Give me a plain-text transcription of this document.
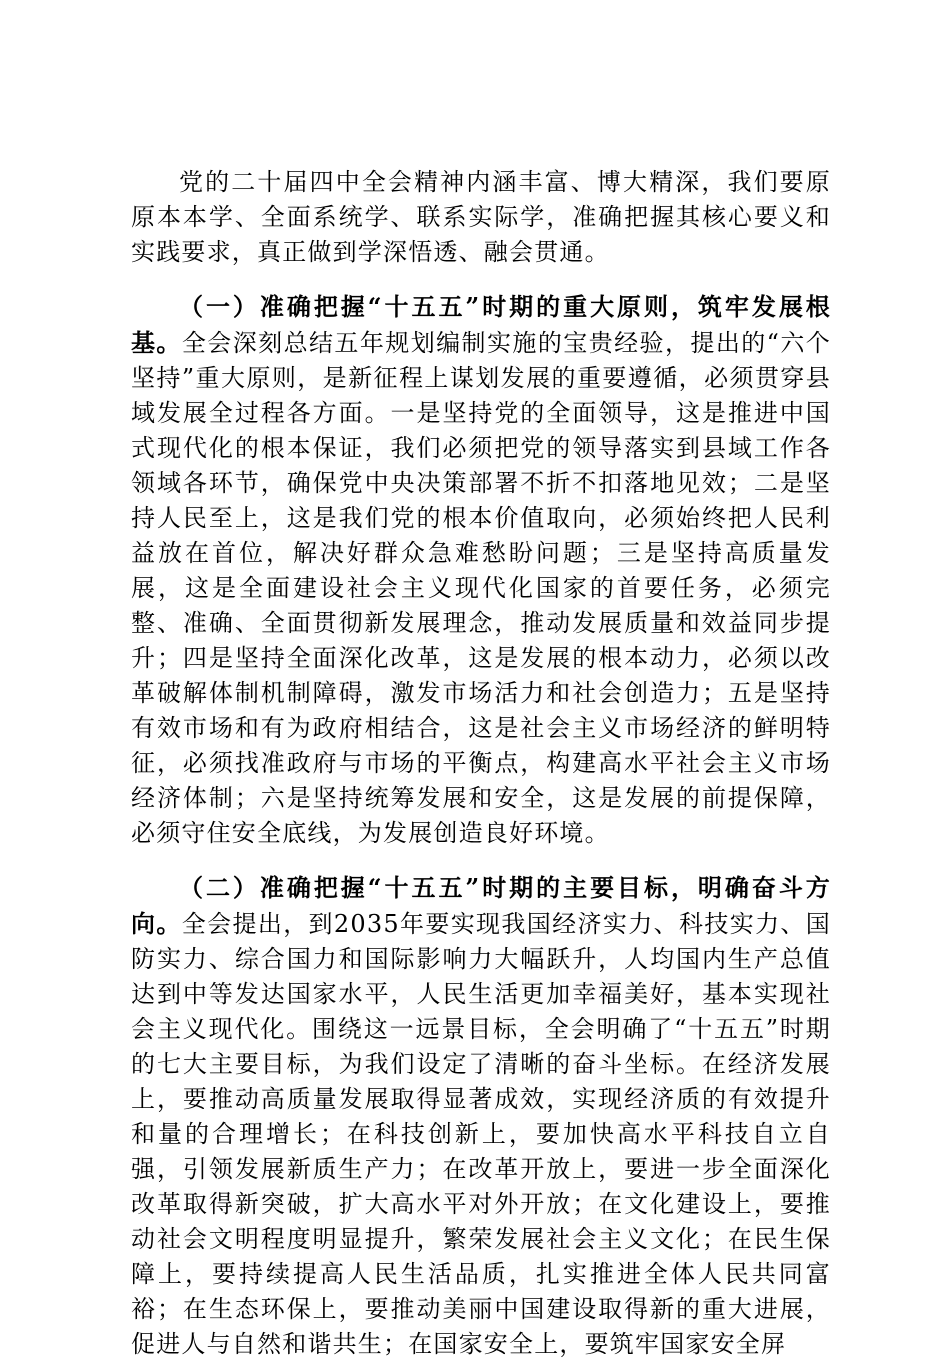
党的二十届四中全会精神内涵丰富、博大精深，我们要原原本本学、全面系统学、联系实际学，准确把握其核心要义和实践要求，真正做到学深悟透、融会贯通。

（一）准确把握“十五五”时期的重大原则，筑牢发展根基。全会深刻总结五年规划编制实施的宝贵经验，提出的“六个坚持”重大原则，是新征程上谋划发展的重要遵循，必须贯穿县域发展全过程各方面。一是坚持党的全面领导，这是推进中国式现代化的根本保证，我们必须把党的领导落实到县域工作各领域各环节，确保党中央决策部署不折不扣落地见效；二是坚持人民至上，这是我们党的根本价值取向，必须始终把人民利益放在首位，解决好群众急难愁盼问题；三是坚持高质量发展，这是全面建设社会主义现代化国家的首要任务，必须完整、准确、全面贯彻新发展理念，推动发展质量和效益同步提升；四是坚持全面深化改革，这是发展的根本动力，必须以改革破解体制机制障碍，激发市场活力和社会创造力；五是坚持有效市场和有为政府相结合，这是社会主义市场经济的鲜明特征，必须找准政府与市场的平衡点，构建高水平社会主义市场经济体制；六是坚持统筹发展和安全，这是发展的前提保障，必须守住安全底线，为发展创造良好环境。

（二）准确把握“十五五”时期的主要目标，明确奋斗方向。全会提出，到2035年要实现我国经济实力、科技实力、国防实力、综合国力和国际影响力大幅跃升，人均国内生产总值达到中等发达国家水平，人民生活更加幸福美好，基本实现社会主义现代化。围绕这一远景目标，全会明确了“十五五”时期的七大主要目标，为我们设定了清晰的奋斗坐标。在经济发展上，要推动高质量发展取得显著成效，实现经济质的有效提升和量的合理增长；在科技创新上，要加快高水平科技自立自强，引领发展新质生产力；在改革开放上，要进一步全面深化改革取得新突破，扩大高水平对外开放；在文化建设上，要推动社会文明程度明显提升，繁荣发展社会主义文化；在民生保障上，要持续提高人民生活品质，扎实推进全体人民共同富裕；在生态环保上，要推动美丽中国建设取得新的重大进展，促进人与自然和谐共生；在国家安全上，要筑牢国家安全屏
